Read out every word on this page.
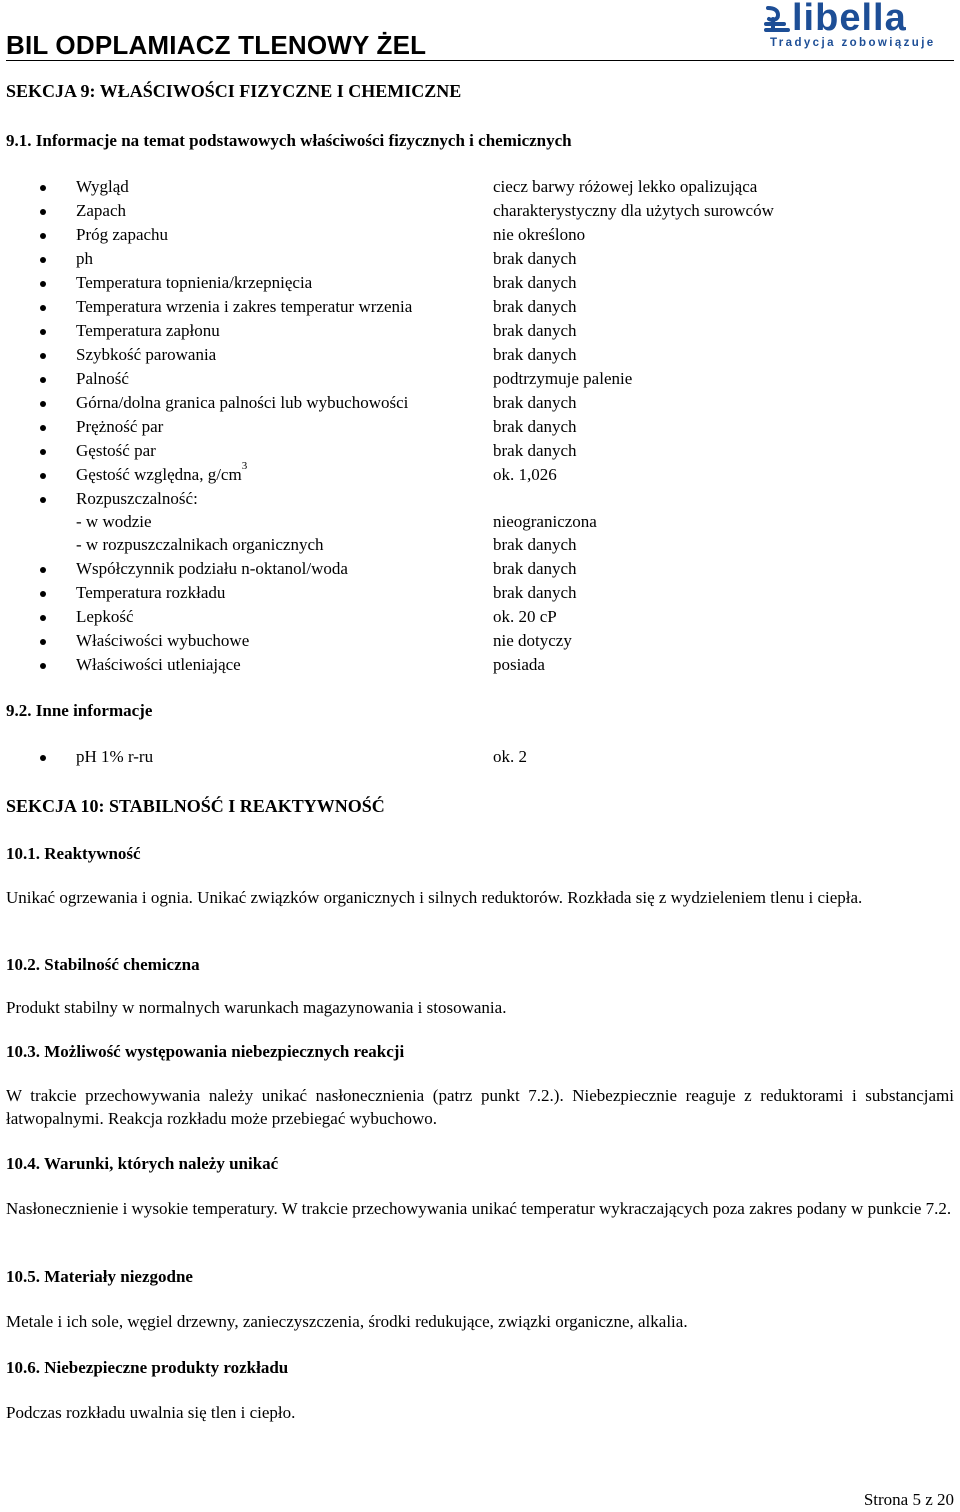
BIL ODPLAMIACZ TLENOWY ŻEL
libella
Tradycja zobowiązuje
SEKCJA 9: WŁAŚCIWOŚCI FIZYCZNE I CHEMICZNE
9.1. Informacje na temat podstawowych właściwości fizycznych i chemicznych
Wygląd	ciecz barwy różowej lekko opalizująca
Zapach	charakterystyczny dla użytych surowców
Próg zapachu	nie określono
ph	brak danych
Temperatura topnienia/krzepnięcia	brak danych
Temperatura wrzenia i zakres temperatur wrzenia	brak danych
Temperatura zapłonu	brak danych
Szybkość parowania	brak danych
Palność	podtrzymuje palenie
Górna/dolna granica palności lub wybuchowości	brak danych
Prężność par	brak danych
Gęstość par	brak danych
Gęstość względna, $g/cm^3$	ok. 1,026
Rozpuszczalność:
- w wodzie	nieograniczona
- w rozpuszczalnikach organicznych	brak danych
Współczynnik podziału n-oktanol/woda	brak danych
Temperatura rozkładu	brak danych
Lepkość	ok. 20 cP
Właściwości wybuchowe	nie dotyczy
Właściwości utleniające	posiada
9.2. Inne informacje
pH 1% r-ru	ok. 2
SEKCJA 10: STABILNOŚĆ I REAKTYWNOŚĆ
10.1. Reaktywność

Unikać ogrzewania i ognia. Unikać związków organicznych i silnych reduktorów. Rozkłada się z wydzieleniem tlenu i ciepła.

10.2. Stabilność chemiczna

Produkt stabilny w normalnych warunkach magazynowania i stosowania.

10.3. Możliwość występowania niebezpiecznych reakcji

W trakcie przechowywania należy unikać nasłonecznienia (patrz punkt 7.2.). Niebezpiecznie reaguje z reduktorami i substancjami łatwopalnymi. Reakcja rozkładu może przebiegać wybuchowo.

10.4. Warunki, których należy unikać

Nasłonecznienie i wysokie temperatury. W trakcie przechowywania unikać temperatur wykraczających poza zakres podany w punkcie 7.2.

10.5. Materiały niezgodne

Metale i ich sole, węgiel drzewny, zanieczyszczenia, środki redukujące, związki organiczne, alkalia.

10.6. Niebezpieczne produkty rozkładu

Podczas rozkładu uwalnia się tlen i ciepło.

Strona 5 z 20
